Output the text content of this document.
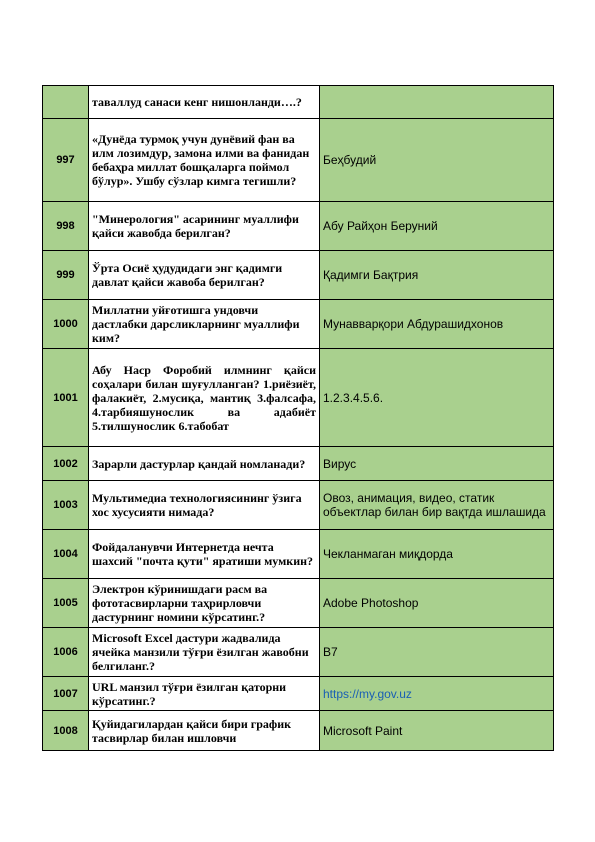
	таваллуд санаси кенг нишонланди….?	
997	«Дунёда турмоқ учун дунёвий фан ва илм лозимдур, замона илми ва фанидан бебаҳра миллат бошқаларга поймол бўлур». Ушбу сўзлар кимга тегишли?	Беҳбудий
998	"Минерология" асарининг муаллифи қайси жавобда берилган?	Абу Райҳон Беруний
999	Ўрта Осиё ҳудудидаги энг қадимги давлат қайси жавоба берилган?	Қадимги Бақтрия
1000	Миллатни уйғотишга ундовчи дастлабки дарсликларнинг муаллифи ким?	Мунавварқори Абдурашидхонов
1001	Абу Наср Форобий илмнинг қайси соҳалари билан шуғулланган? 1.риёзиёт, фалакиёт, 2.мусиқа, мантиқ 3.фалсафа, 4.тарбияшунослик ва адабиёт 5.тилшунослик 6.табобат	1.2.3.4.5.6.
1002	Зарарли дастурлар қандай номланади?	Вирус
1003	Мультимедиа технологиясининг ўзига хос хусусияти нимада?	Овоз, анимация, видео, статик объектлар билан бир вақтда ишлашида
1004	Фойдаланувчи Интернетда нечта шахсий "почта қути" яратиши мумкин?	Чекланмаган миқдорда
1005	Электрон кўринишдаги расм ва фототасвирларни таҳрирловчи дастурнинг номини кўрсатинг.?	Adobe Photoshop
1006	Microsoft Excel дастури жадвалида ячейка манзили тўғри ёзилган жавобни белгиланг.?	B7
1007	URL манзил тўғри ёзилган қаторни кўрсатинг.?	https://my.gov.uz
1008	Қуйидагилардан қайси бири график тасвирлар билан ишловчи	Microsoft Paint
